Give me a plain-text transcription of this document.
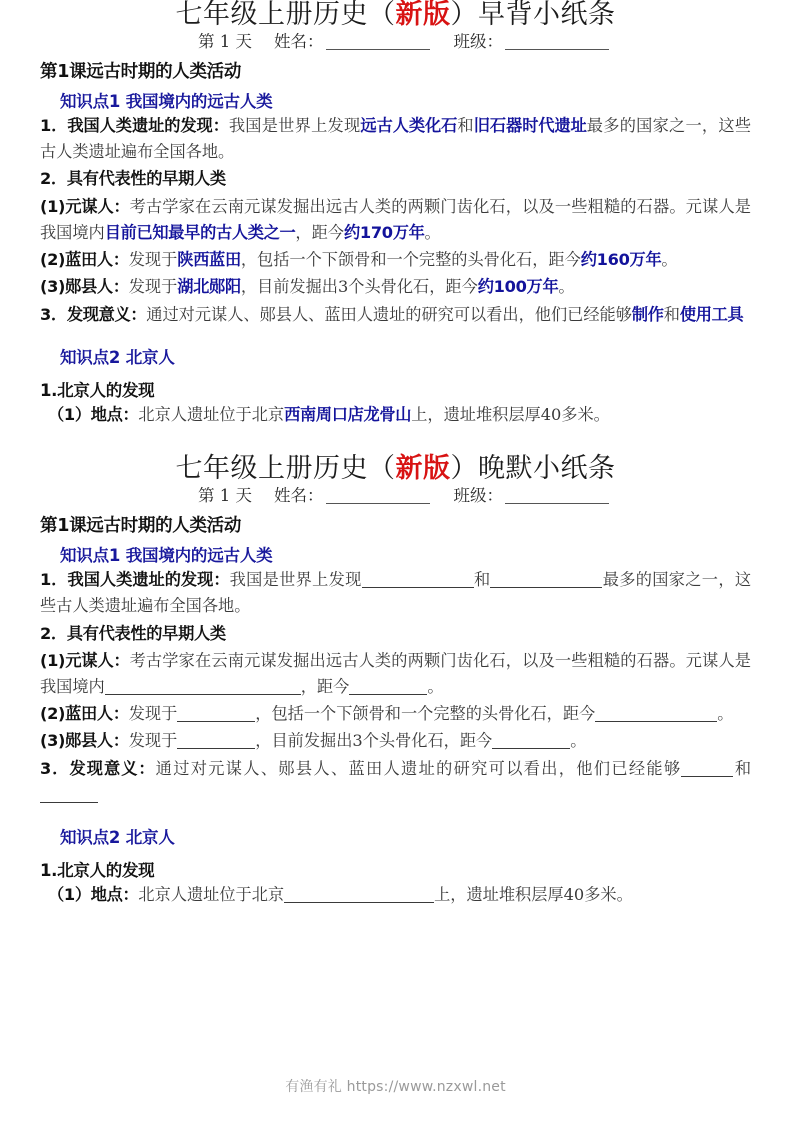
七年级上册历史（新版）早背小纸条
第 1 天 姓名：	班级：
第1课远古时期的人类活动
知识点1 我国境内的远古人类
1．我国人类遗址的发现：我国是世界上发现远古人类化石和旧石器时代遗址最多的国家之一，这些古人类遗址遍布全国各地。
2．具有代表性的早期人类
(1)元谋人：考古学家在云南元谋发掘出远古人类的两颗门齿化石，以及一些粗糙的石器。元谋人是我国境内目前已知最早的古人类之一，距今约170万年。
(2)蓝田人：发现于陕西蓝田，包括一个下颌骨和一个完整的头骨化石，距今约160万年。
(3)郧县人：发现于湖北郧阳，目前发掘出3个头骨化石，距今约100万年。
3．发现意义：通过对元谋人、郧县人、蓝田人遗址的研究可以看出，他们已经能够制作和使用工具
知识点2 北京人
1.北京人的发现
（1）地点：北京人遗址位于北京西南周口店龙骨山上，遗址堆积层厚40多米。
七年级上册历史（新版）晚默小纸条
第 1 天 姓名：	班级：
第1课远古时期的人类活动
知识点1 我国境内的远古人类
1．我国人类遗址的发现：我国是世界上发现	和	最多的国家之一，这些古人类遗址遍布全国各地。
2．具有代表性的早期人类
(1)元谋人：考古学家在云南元谋发掘出远古人类的两颗门齿化石，以及一些粗糙的石器。元谋人是我国境内	，距今	。
(2)蓝田人：发现于	，包括一个下颌骨和一个完整的头骨化石，距今	。
(3)郧县人：发现于	，目前发掘出3个头骨化石，距今	。
3．发现意义：通过对元谋人、郧县人、蓝田人遗址的研究可以看出，他们已经能够	和
知识点2 北京人
1.北京人的发现
（1）地点：北京人遗址位于北京	上，遗址堆积层厚40多米。
有渔有礼 https://www.nzxwl.net
